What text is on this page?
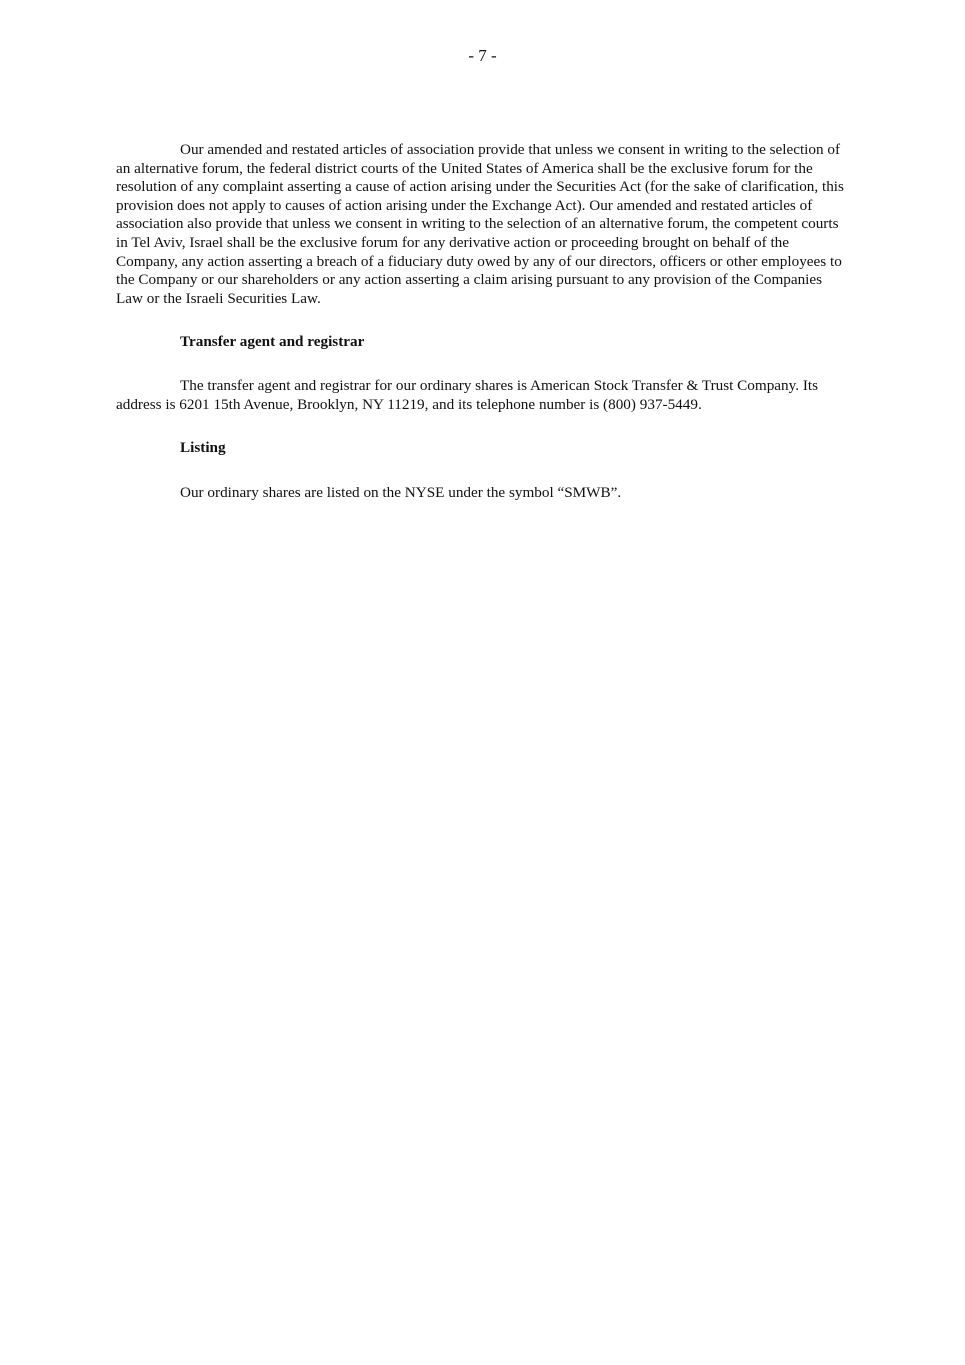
- 7 -

Our amended and restated articles of association provide that unless we consent in writing to the selection of an alternative forum, the federal district courts of the United States of America shall be the exclusive forum for the resolution of any complaint asserting a cause of action arising under the Securities Act (for the sake of clarification, this provision does not apply to causes of action arising under the Exchange Act). Our amended and restated articles of association also provide that unless we consent in writing to the selection of an alternative forum, the competent courts in Tel Aviv, Israel shall be the exclusive forum for any derivative action or proceeding brought on behalf of the Company, any action asserting a breach of a fiduciary duty owed by any of our directors, officers or other employees to the Company or our shareholders or any action asserting a claim arising pursuant to any provision of the Companies Law or the Israeli Securities Law.

Transfer agent and registrar

The transfer agent and registrar for our ordinary shares is American Stock Transfer & Trust Company. Its address is 6201 15th Avenue, Brooklyn, NY 11219, and its telephone number is (800) 937-5449.

Listing

Our ordinary shares are listed on the NYSE under the symbol “SMWB”.
